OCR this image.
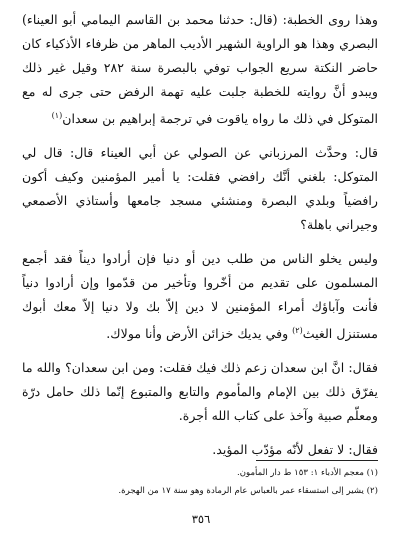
وهذا روى الخطبة: (قال: حدثنا محمد بن القاسم اليمامي أبو العيناء) البصري وهذا هو الراوية الشهير الأديب الماهر من ظرفاء الأذكياء كان حاضر النكتة سريع الجواب توفي بالبصرة سنة ٢٨٢ وقيل غير ذلك ويبدو أنَّ روايته للخطبة جلبت عليه تهمة الرفض حتى جرى له مع المتوكل في ذلك ما رواه ياقوت في ترجمة إبراهيم بن سعدان$^{(١)}$

قال: وحدَّث المرزباني عن الصولي عن أبي العيناء قال: قال لي المتوكل: بلغني أنَّك رافضي فقلت: يا أمير المؤمنين وكيف أكون رافضياً وبلدي البصرة ومنشئي مسجد جامعها وأستاذي الأصمعي وجيراني باهلة؟

وليس يخلو الناس من طلب دين أو دنيا فإن أرادوا ديناً فقد أجمع المسلمون على تقديم من أخّروا وتأخير من قدّموا وإن أرادوا دنياً فأنت وآباؤك أمراء المؤمنين لا دين إلاّ بك ولا دنيا إلاّ معك أبوك مستنزل الغيث$^{(٢)}$ وفي يديك خزائن الأرض وأنا مولاك.

فقال: انَّ ابن سعدان زعم ذلك فيك فقلت: ومن ابن سعدان؟ والله ما يفرّق ذلك بين الإمام والمأموم والتابع والمتبوع إنّما ذلك حامل درّة ومعلّم صبية وآخذ على كتاب الله أجرة.

فقال: لا تفعل لأنّه مؤدّب المؤيد.

(١) معجم الأدباء ١: ١٥٣ ط دار المأمون.

(٢) يشير إلى استسقاء عمر بالعباس عام الرمادة وهو سنة ١٧ من الهجرة.

٣٥٦
